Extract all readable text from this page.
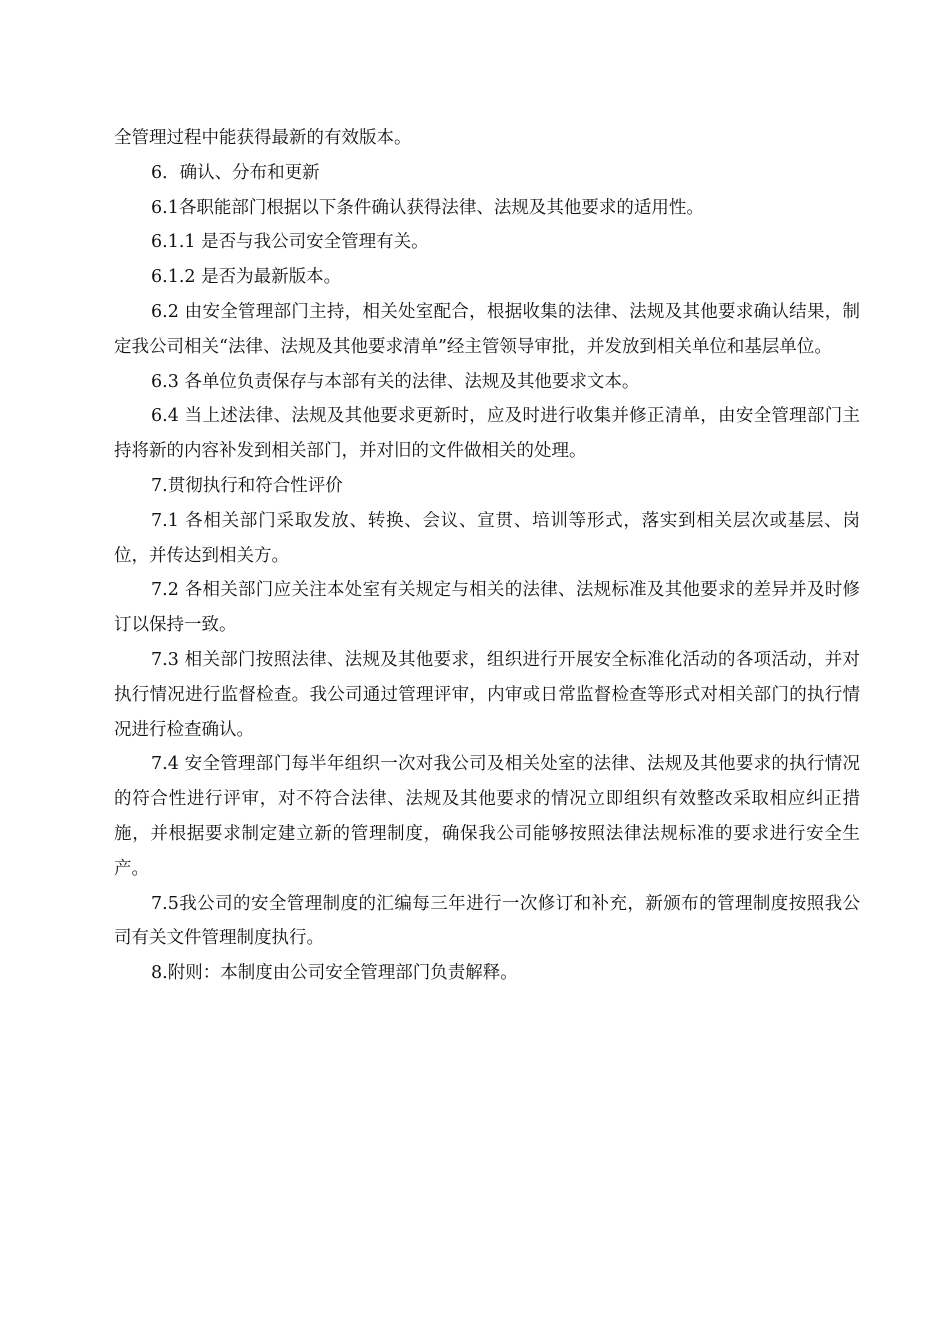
全管理过程中能获得最新的有效版本。

6．确认、分布和更新

6.1各职能部门根据以下条件确认获得法律、法规及其他要求的适用性。

6.1.1 是否与我公司安全管理有关。

6.1.2 是否为最新版本。

6.2 由安全管理部门主持，相关处室配合，根据收集的法律、法规及其他要求确认结果，制定我公司相关“法律、法规及其他要求清单”经主管领导审批，并发放到相关单位和基层单位。

6.3 各单位负责保存与本部有关的法律、法规及其他要求文本。

6.4 当上述法律、法规及其他要求更新时，应及时进行收集并修正清单，由安全管理部门主持将新的内容补发到相关部门，并对旧的文件做相关的处理。

7.贯彻执行和符合性评价

7.1 各相关部门采取发放、转换、会议、宣贯、培训等形式，落实到相关层次或基层、岗位，并传达到相关方。

7.2 各相关部门应关注本处室有关规定与相关的法律、法规标准及其他要求的差异并及时修订以保持一致。

7.3 相关部门按照法律、法规及其他要求，组织进行开展安全标准化活动的各项活动，并对执行情况进行监督检查。我公司通过管理评审，内审或日常监督检查等形式对相关部门的执行情况进行检查确认。

7.4 安全管理部门每半年组织一次对我公司及相关处室的法律、法规及其他要求的执行情况的符合性进行评审，对不符合法律、法规及其他要求的情况立即组织有效整改采取相应纠正措施，并根据要求制定建立新的管理制度，确保我公司能够按照法律法规标准的要求进行安全生产。

7.5我公司的安全管理制度的汇编每三年进行一次修订和补充，新颁布的管理制度按照我公司有关文件管理制度执行。

8.附则：本制度由公司安全管理部门负责解释。
